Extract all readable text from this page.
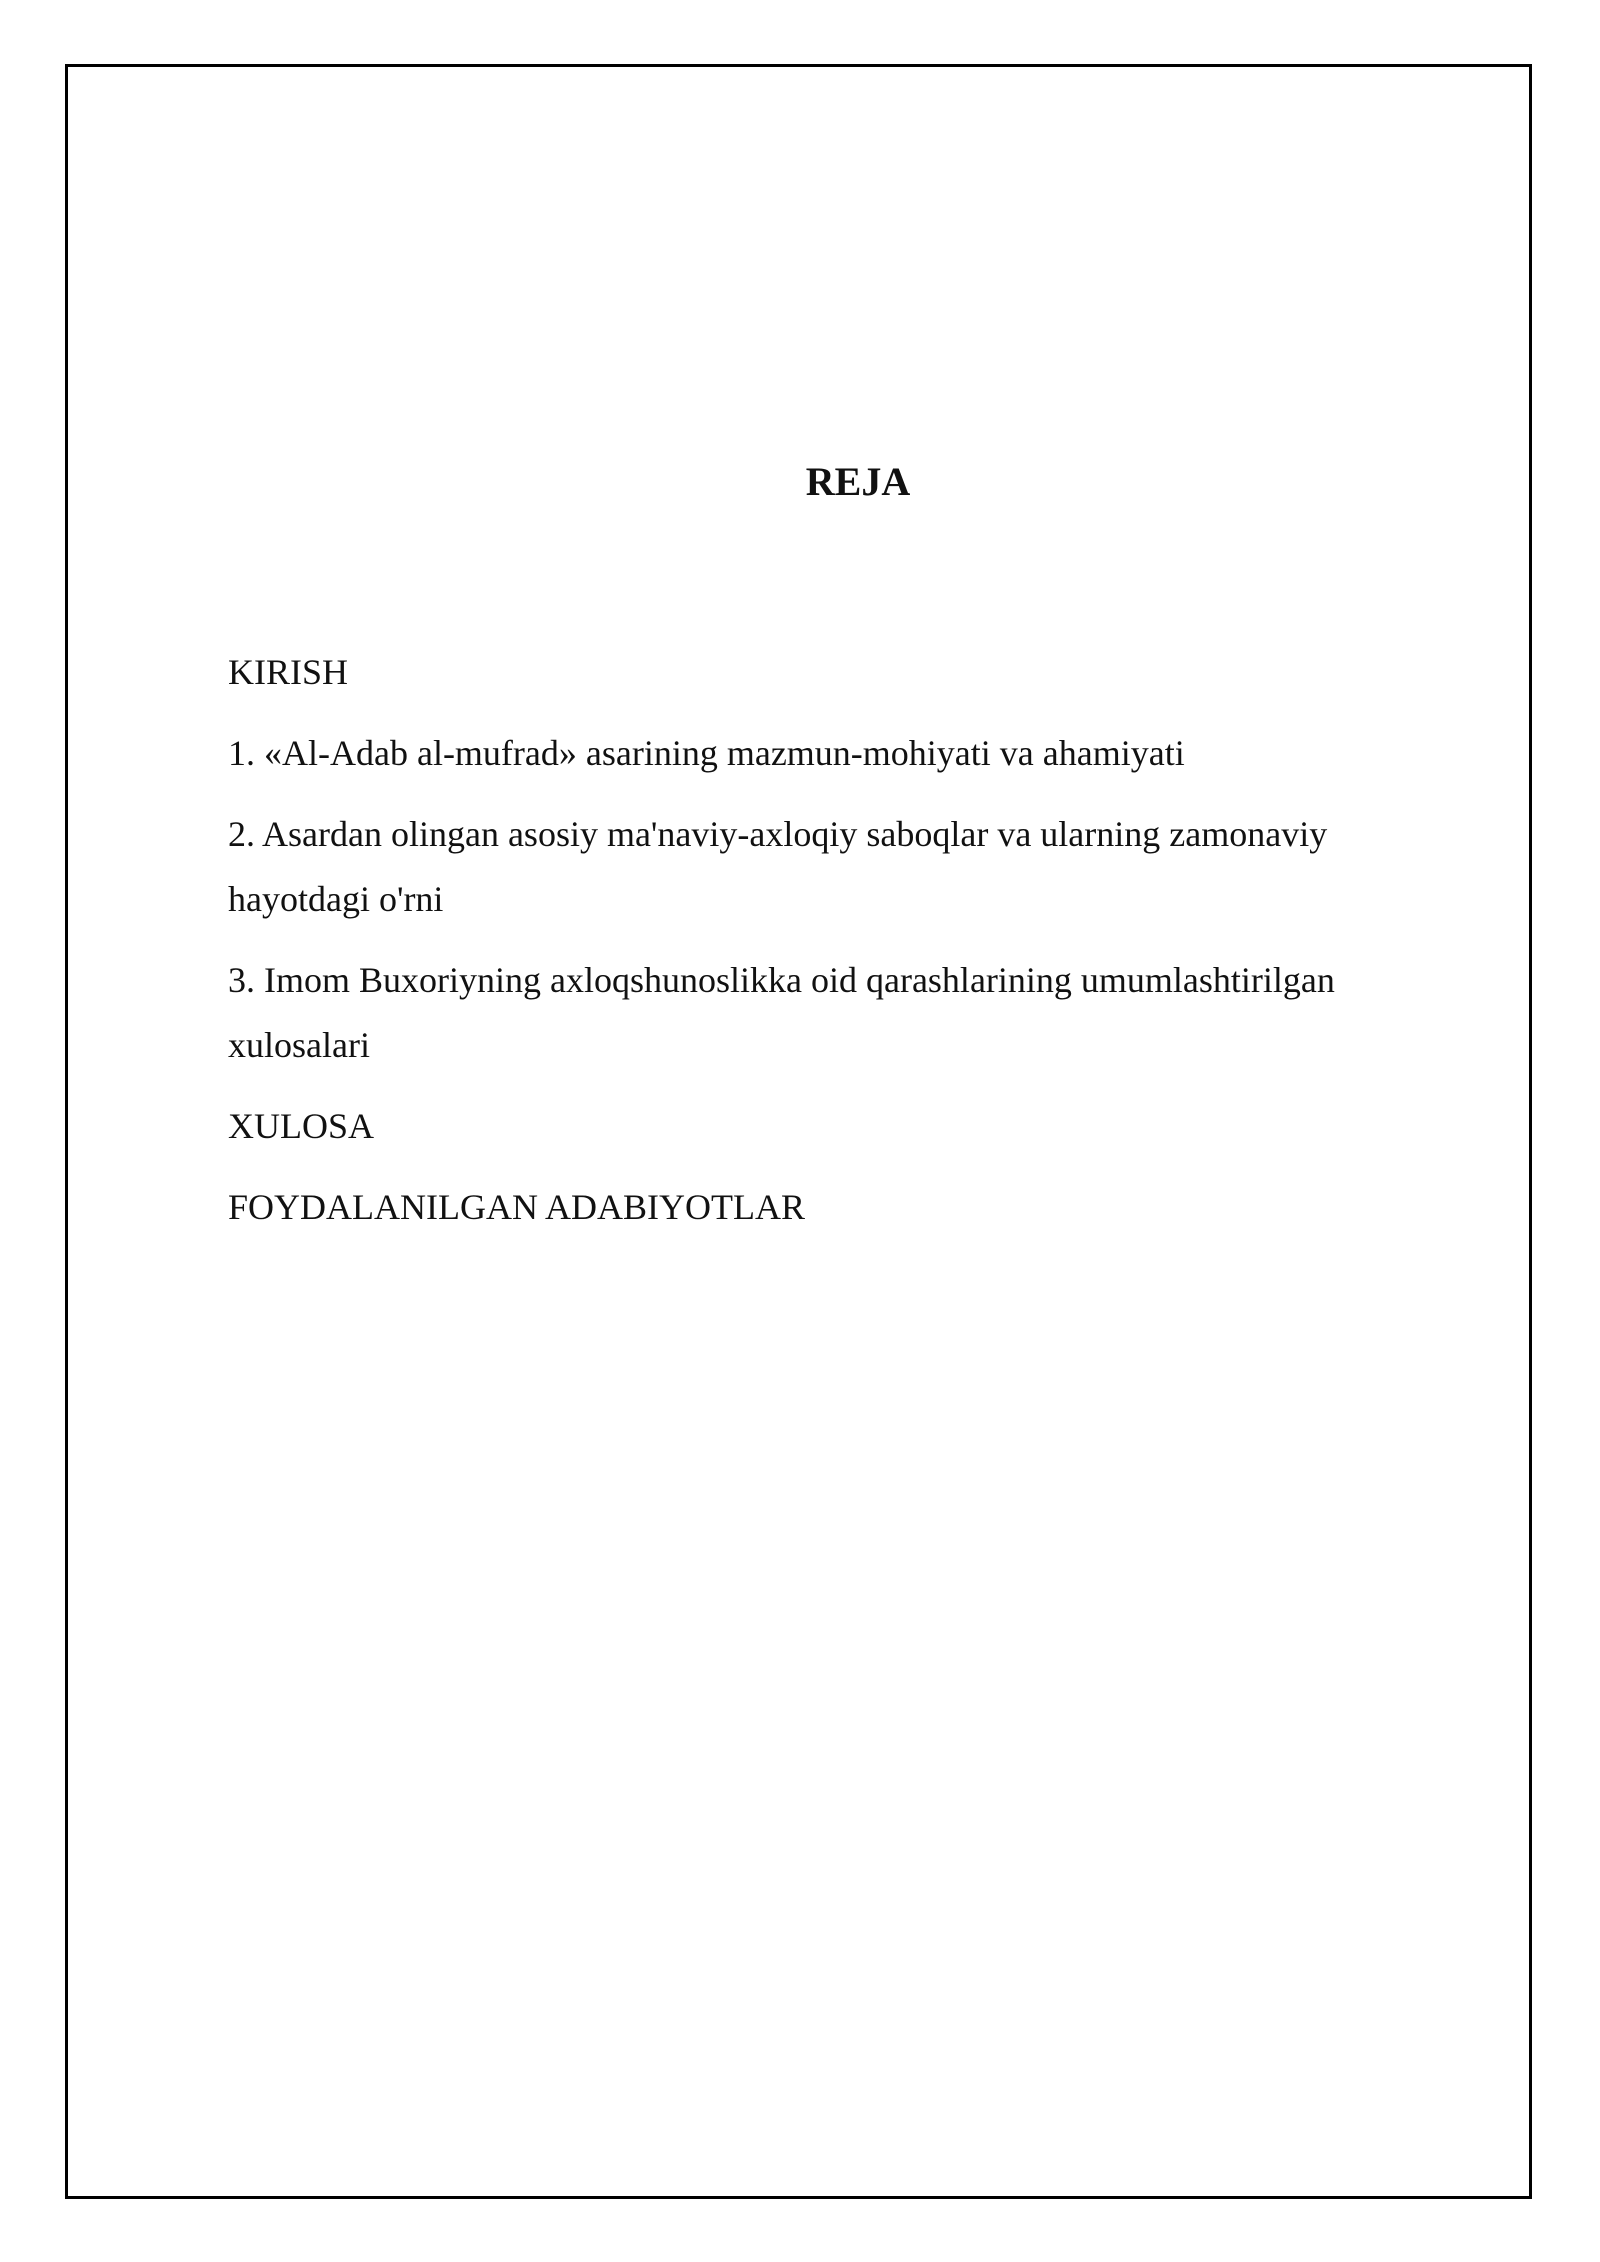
REJA
KIRISH
1. «Al-Adab al-mufrad» asarining mazmun-mohiyati va ahamiyati
2. Asardan olingan asosiy ma'naviy-axloqiy saboqlar va ularning zamonaviy hayotdagi o'rni
3. Imom Buxoriyning axloqshunoslikka oid qarashlarining umumlashtirilgan xulosalari
XULOSA
FOYDALANILGAN ADABIYOTLAR
